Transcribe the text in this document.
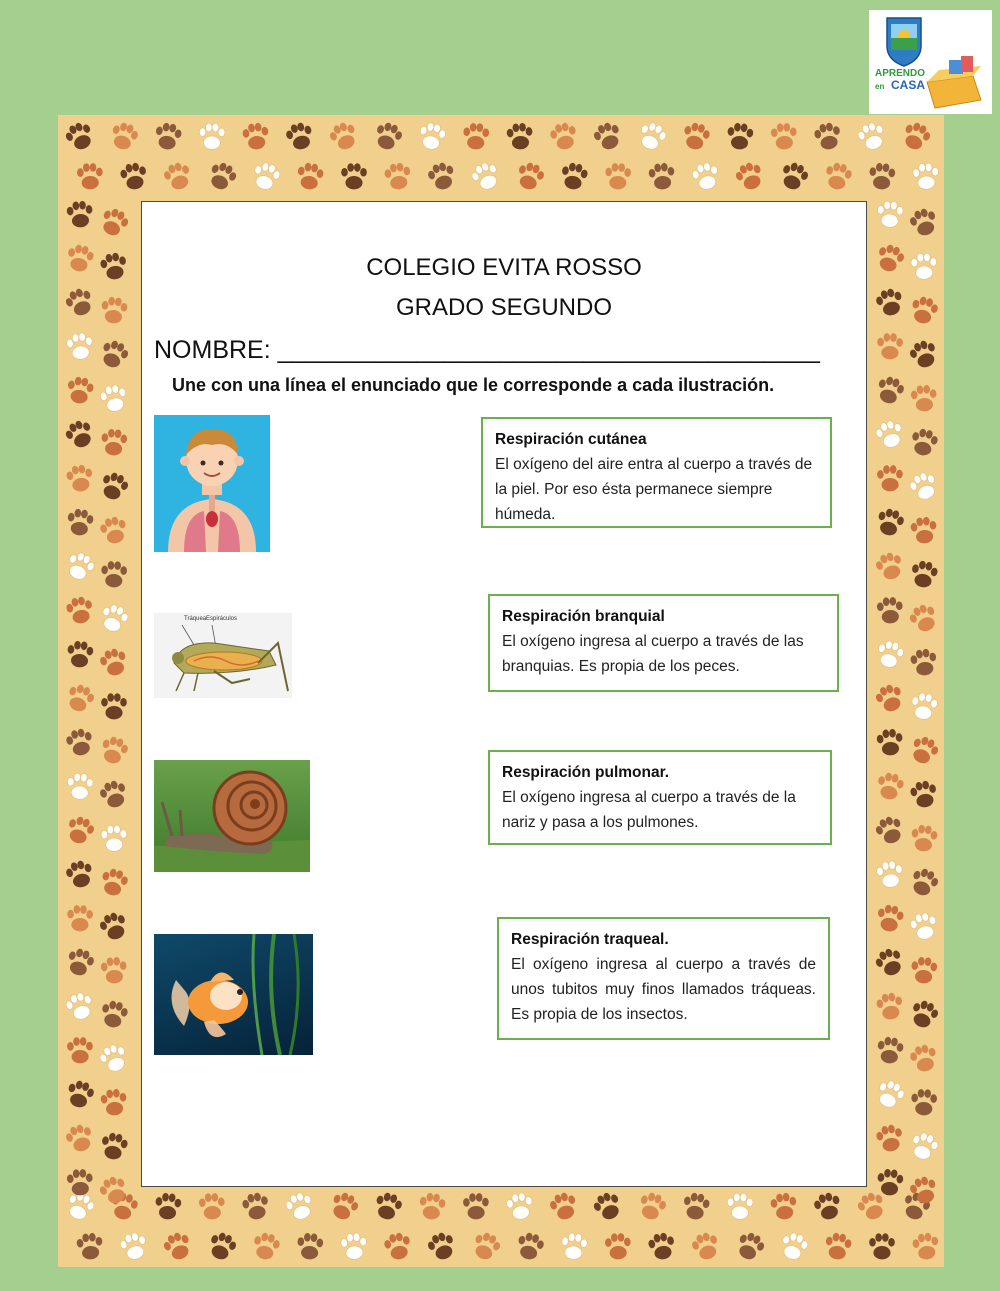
APRENDO
en CASA
COLEGIO EVITA ROSSO
GRADO SEGUNDO
NOMBRE: _______________________________________
Une con una línea el enunciado que le corresponde a cada ilustración.
Tráquea Espiráculos
Respiración cutánea
El oxígeno del aire entra al cuerpo a través de la piel. Por eso ésta permanece siempre húmeda.
Respiración branquial
El oxígeno ingresa al cuerpo a través de las branquias. Es propia de los peces.
Respiración pulmonar.
El oxígeno ingresa al cuerpo a través de la nariz y pasa a los pulmones.
Respiración traqueal.
El oxígeno ingresa al cuerpo a través de unos tubitos muy finos llamados tráqueas. Es propia de los insectos.
